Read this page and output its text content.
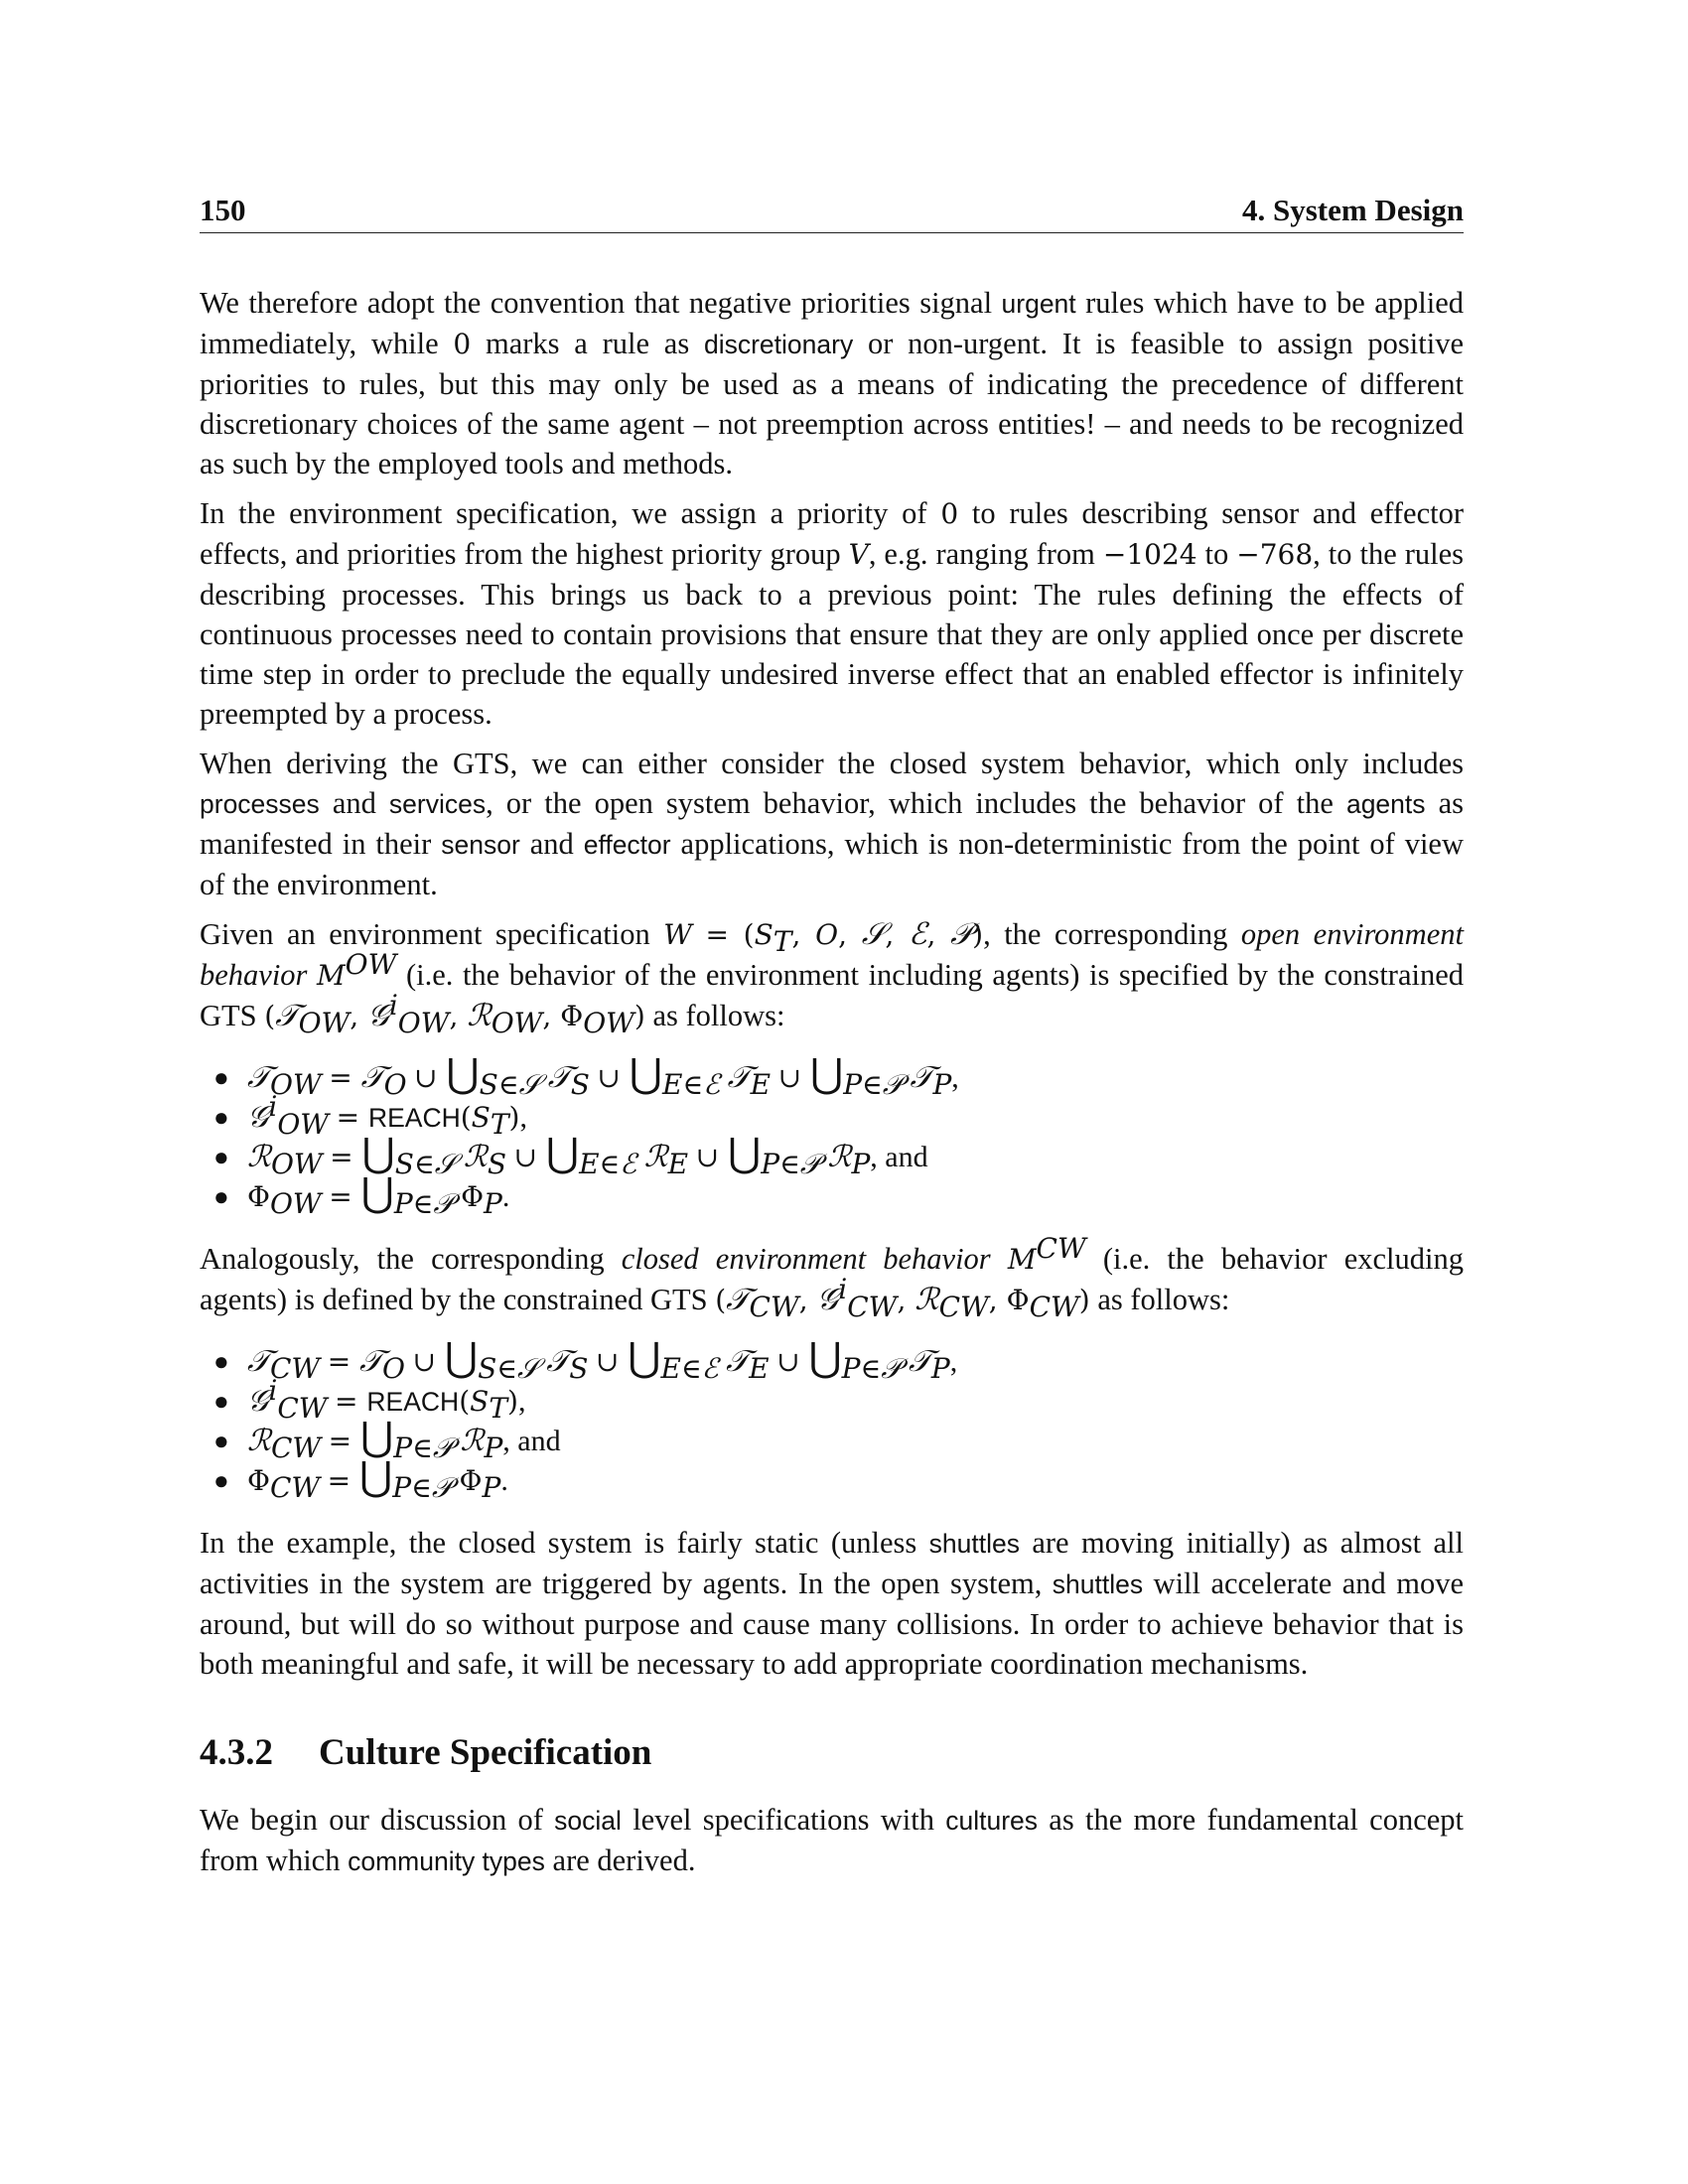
150	4. System Design

We therefore adopt the convention that negative priorities signal urgent rules which have to be applied immediately, while 0 marks a rule as discretionary or non-urgent. It is feasible to assign positive priorities to rules, but this may only be used as a means of indicating the precedence of different discretionary choices of the same agent – not preemption across entities! – and needs to be recognized as such by the employed tools and methods.

In the environment specification, we assign a priority of 0 to rules describing sensor and effector effects, and priorities from the highest priority group V, e.g. ranging from −1024 to −768, to the rules describing processes. This brings us back to a previous point: The rules defining the effects of continuous processes need to contain provisions that ensure that they are only applied once per discrete time step in order to preclude the equally undesired inverse effect that an enabled effector is infinitely preempted by a process.

When deriving the GTS, we can either consider the closed system behavior, which only includes processes and services, or the open system behavior, which includes the behavior of the agents as manifested in their sensor and effector applications, which is non-deterministic from the point of view of the environment.

Given an environment specification $W = (S_T$, O, 𝒮, ℰ, 𝒫), the corresponding open environment behavior $M^{OW}$ (i.e. the behavior of the environment including agents) is specified by the constrained GTS (𝒯$_{OW}$, 𝒢$^i_{OW}$, ℛ$_{OW}$, $\Phi_{OW}$) as follows:

● 𝒯$_{OW}$ = 𝒯$_O$ ∪ $⋃_{S\in 𝒮}$ 𝒯$_S$ ∪ $⋃_{E\in ℰ}$ 𝒯$_E$ ∪ $⋃_{P\in 𝒫}$ 𝒯$_P$,
● 𝒢$^i_{OW}$ = $REACH(S_T)$,
● ℛ$_{OW}$ = $⋃_{S\in 𝒮}$ ℛ$_S$ ∪ $⋃_{E\in ℰ}$ ℛ$_E$ ∪ $⋃_{P\in 𝒫}$ ℛ$_P$, and
● $\Phi_{OW}$ = $⋃_{P\in 𝒫}$ $\Phi_P$.

Analogously, the corresponding closed environment behavior $M^{CW}$ (i.e. the behavior excluding agents) is defined by the constrained GTS (𝒯$_{CW}$, 𝒢$^i_{CW}$, ℛ$_{CW}$, $\Phi_{CW}$) as follows:

● 𝒯$_{CW}$ = 𝒯$_O$ ∪ $⋃_{S\in 𝒮}$ 𝒯$_S$ ∪ $⋃_{E\in ℰ}$ 𝒯$_E$ ∪ $⋃_{P\in 𝒫}$ 𝒯$_P$,
● 𝒢$^i_{CW}$ = $REACH(S_T)$,
● ℛ$_{CW}$ = $⋃_{P\in 𝒫}$ ℛ$_P$, and
● $\Phi_{CW}$ = $⋃_{P\in 𝒫}$ $\Phi_P$.

In the example, the closed system is fairly static (unless shuttles are moving initially) as almost all activities in the system are triggered by agents. In the open system, shuttles will accelerate and move around, but will do so without purpose and cause many collisions. In order to achieve behavior that is both meaningful and safe, it will be necessary to add appropriate coordination mechanisms.

4.3.2 Culture Specification

We begin our discussion of social level specifications with cultures as the more fundamental concept from which community types are derived.
